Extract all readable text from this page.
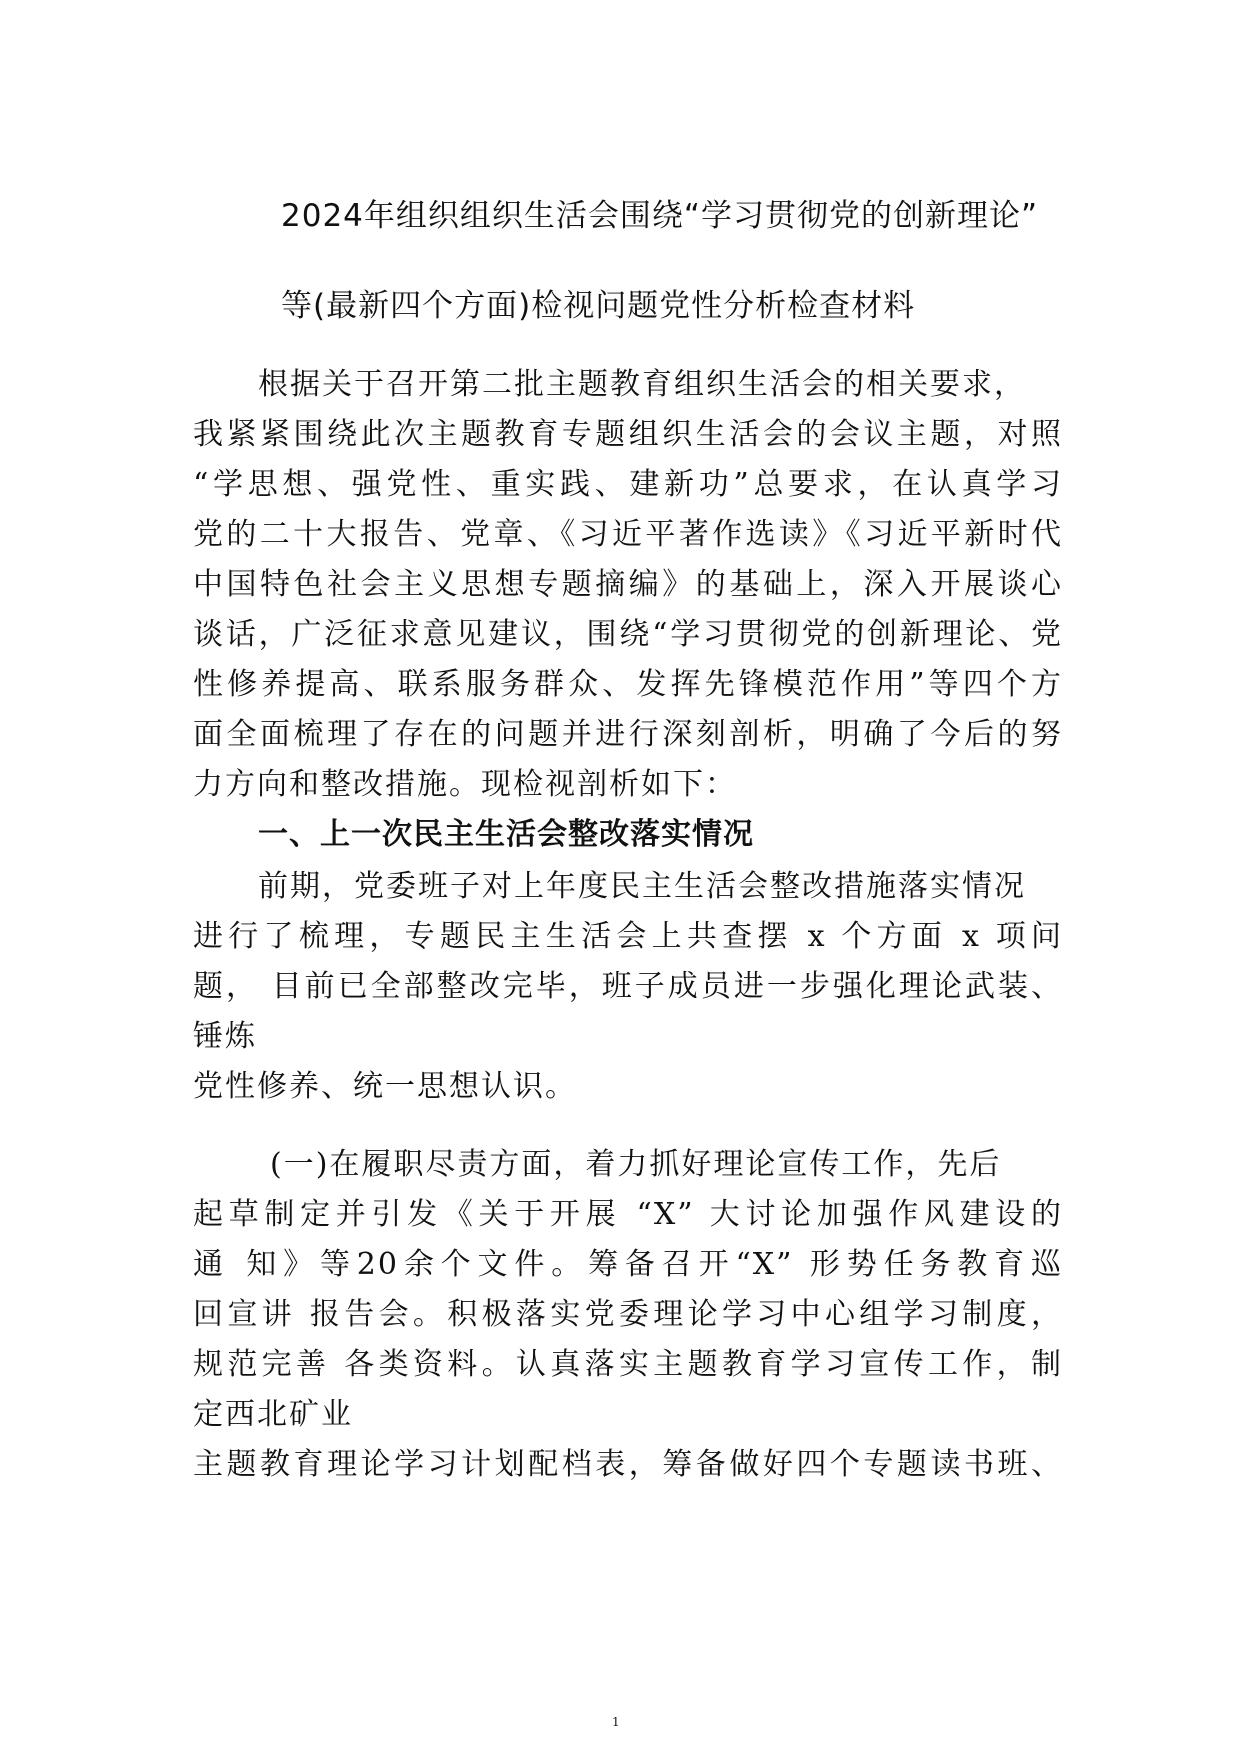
2024年组织组织生活会围绕“学习贯彻党的创新理论”
等(最新四个方面)检视问题党性分析检查材料
根据关于召开第二批主题教育组织生活会的相关要求，
我紧紧围绕此次主题教育专题组织生活会的会议主题，对照
“学思想、强党性、重实践、建新功”总要求，在认真学习
党的二十大报告、党章、《习近平著作选读》《习近平新时代
中国特色社会主义思想专题摘编》的基础上，深入开展谈心
谈话，广泛征求意见建议，围绕“学习贯彻党的创新理论、党
性修养提高、联系服务群众、发挥先锋模范作用”等四个方
面全面梳理了存在的问题并进行深刻剖析，明确了今后的努
力方向和整改措施。现检视剖析如下：
一、上一次民主生活会整改落实情况
前期，党委班子对上年度民主生活会整改措施落实情况
进行了梳理，专题民主生活会上共查摆 x 个方面 x 项问
题， 目前已全部整改完毕，班子成员进一步强化理论武装、
锤炼
党性修养、统一思想认识。
(一)在履职尽责方面，着力抓好理论宣传工作，先后
起草制定并引发《关于开展 “X” 大讨论加强作风建设的
通 知》等20余个文件。筹备召开“X” 形势任务教育巡
回宣讲 报告会。积极落实党委理论学习中心组学习制度，
规范完善 各类资料。认真落实主题教育学习宣传工作，制
定西北矿业
主题教育理论学习计划配档表，筹备做好四个专题读书班、
1
